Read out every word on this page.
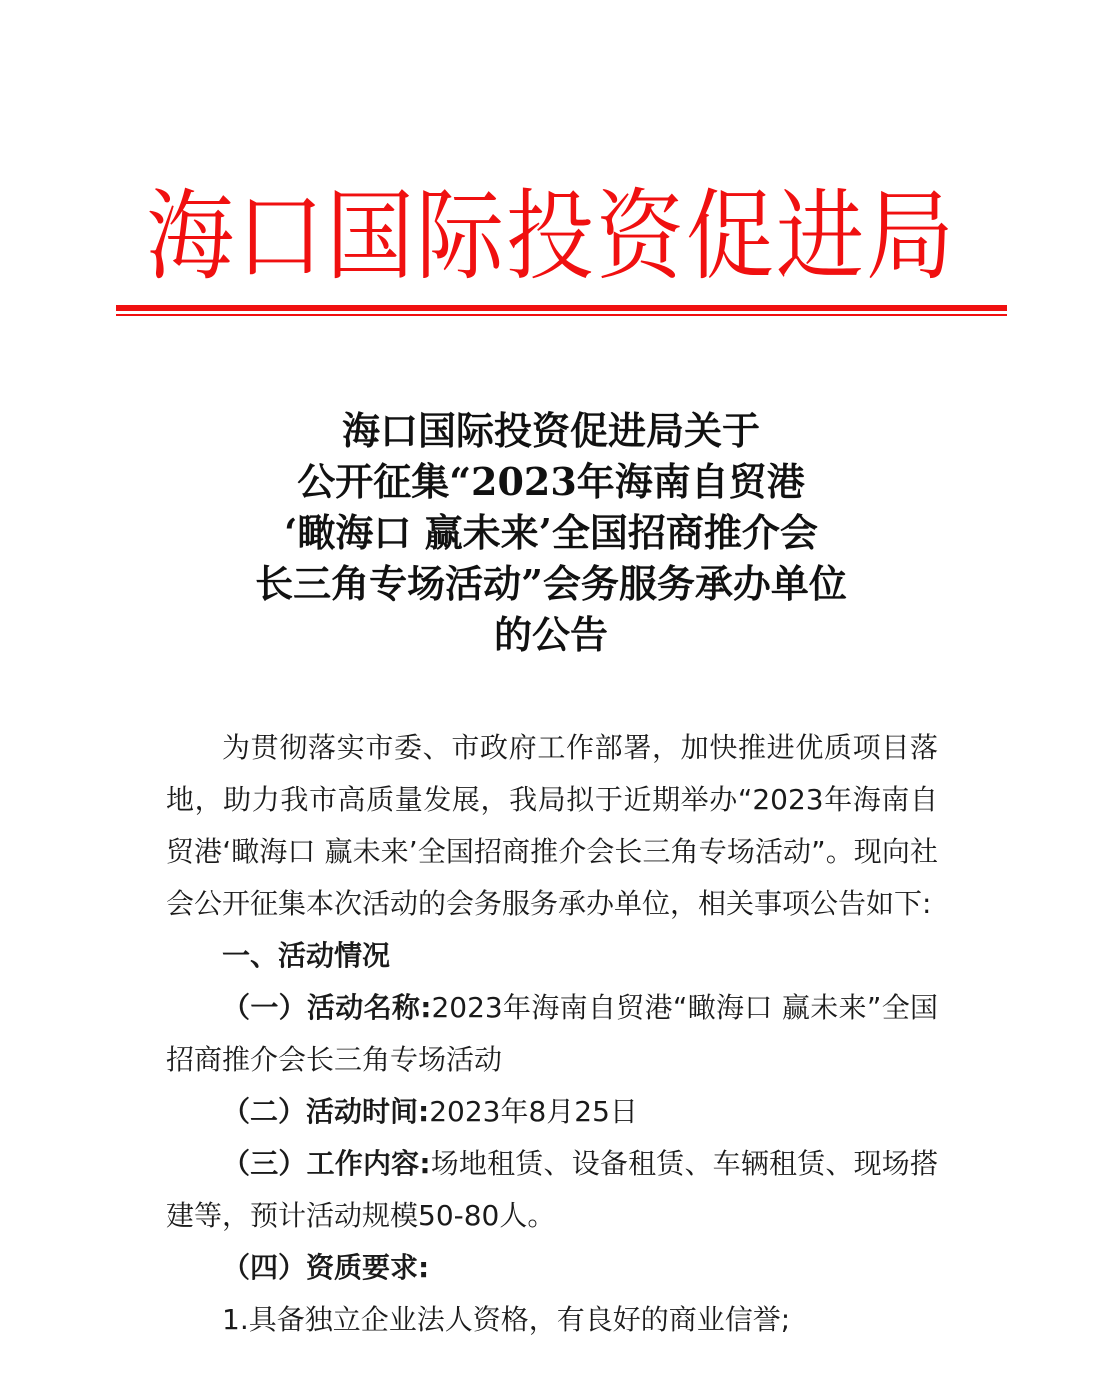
海口国际投资促进局
海口国际投资促进局关于
公开征集“2023年海南自贸港
‘瞰海口 赢未来’全国招商推介会
长三角专场活动”会务服务承办单位
的公告

为贯彻落实市委、市政府工作部署，加快推进优质项目落地，助力我市高质量发展，我局拟于近期举办“2023年海南自贸港‘瞰海口 赢未来’全国招商推介会长三角专场活动”。现向社会公开征集本次活动的会务服务承办单位，相关事项公告如下:

一、活动情况

（一）活动名称:2023年海南自贸港“瞰海口 赢未来”全国招商推介会长三角专场活动

（二）活动时间:2023年8月25日

（三）工作内容:场地租赁、设备租赁、车辆租赁、现场搭建等，预计活动规模50-80人。

（四）资质要求:

1.具备独立企业法人资格，有良好的商业信誉;
